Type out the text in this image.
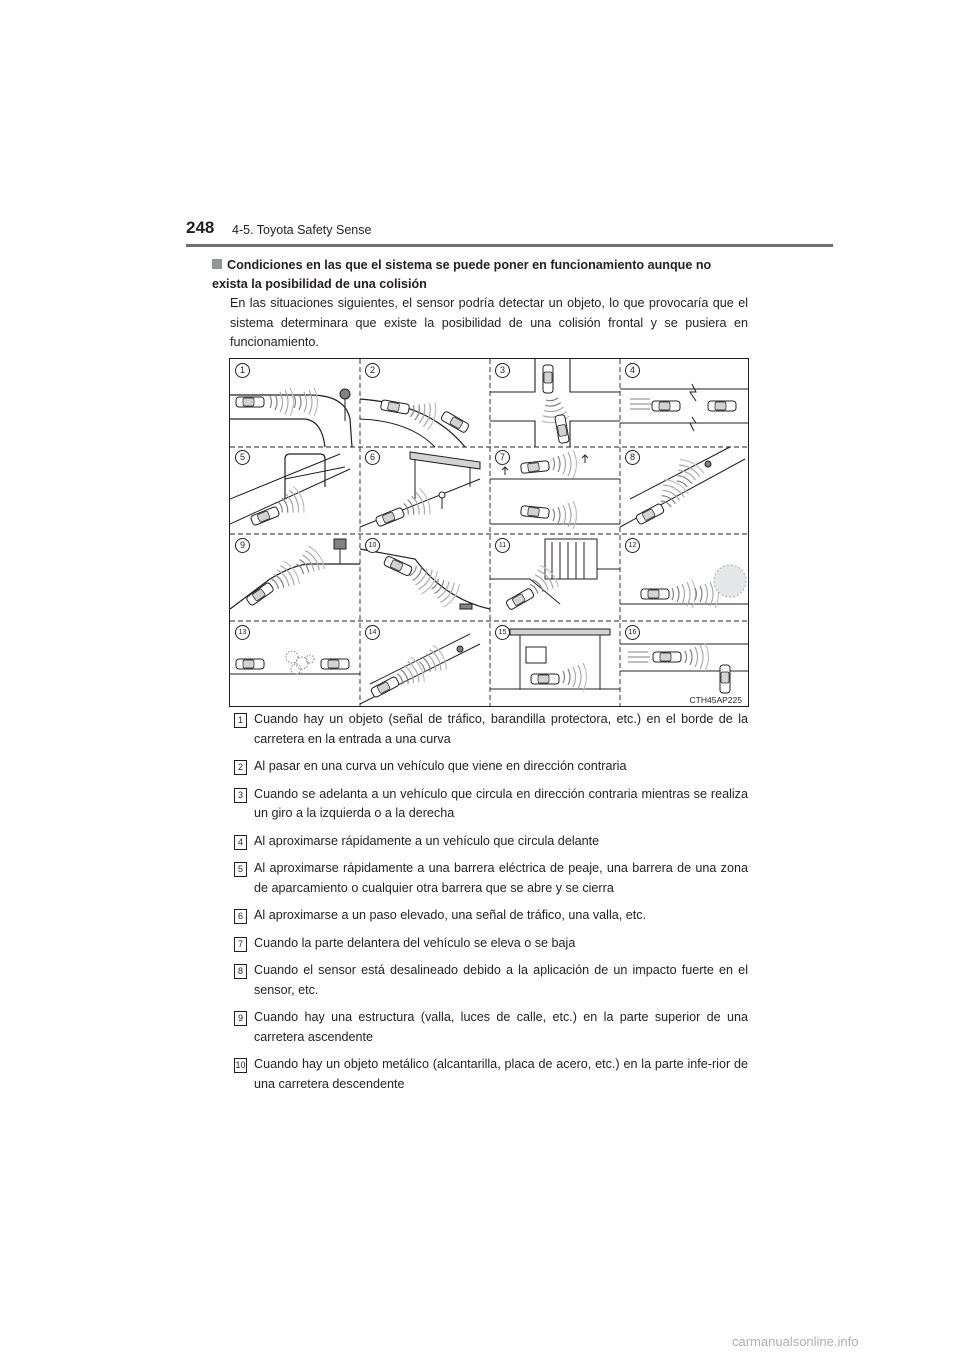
248 4-5. Toyota Safety Sense
Condiciones en las que el sistema se puede poner en funcionamiento aunque no exista la posibilidad de una colisión
En las situaciones siguientes, el sensor podría detectar un objeto, lo que provocaría que el sistema determinara que existe la posibilidad de una colisión frontal y se pusiera en funcionamiento.
1	2	3	4
5	6	7	8
9	10	11	12
13	14	15	16
CTH45AP225
1 Cuando hay un objeto (señal de tráfico, barandilla protectora, etc.) en el borde de la carretera en la entrada a una curva
2 Al pasar en una curva un vehículo que viene en dirección contraria
3 Cuando se adelanta a un vehículo que circula en dirección contraria mientras se realiza un giro a la izquierda o a la derecha
4 Al aproximarse rápidamente a un vehículo que circula delante
5 Al aproximarse rápidamente a una barrera eléctrica de peaje, una barrera de una zona de aparcamiento o cualquier otra barrera que se abre y se cierra
6 Al aproximarse a un paso elevado, una señal de tráfico, una valla, etc.
7 Cuando la parte delantera del vehículo se eleva o se baja
8 Cuando el sensor está desalineado debido a la aplicación de un impacto fuerte en el sensor, etc.
9 Cuando hay una estructura (valla, luces de calle, etc.) en la parte superior de una carretera ascendente
10 Cuando hay un objeto metálico (alcantarilla, placa de acero, etc.) en la parte infe-rior de una carretera descendente
carmanualsonline.info
